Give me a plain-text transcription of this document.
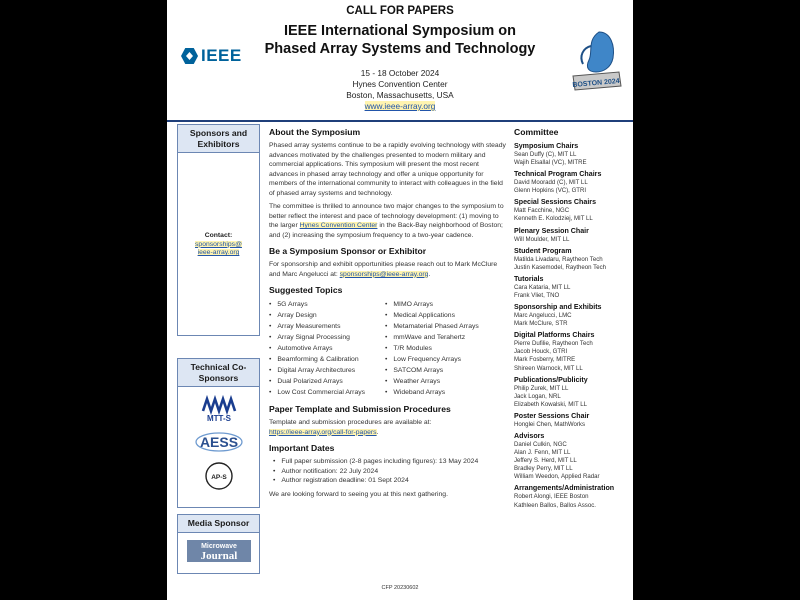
CALL FOR PAPERS
IEEE
IEEE International Symposium on
Phased Array Systems and Technology
15 - 18 October 2024
Hynes Convention Center
Boston, Massachusetts, USA
www.ieee-array.org
BOSTON 2024
Sponsors and Exhibitors
Contact:
sponsorships@
ieee-array.org
Technical Co-Sponsors
MTT-S
AESS
AP-S
Media Sponsor
Microwave
Journal
About the Symposium

Phased array systems continue to be a rapidly evolving technology with steady advances motivated by the challenges presented to modern military and commercial applications. This symposium will present the most recent advances in phased array technology and offer a unique opportunity for members of the international community to interact with colleagues in the field of phased array systems and technology.

The committee is thrilled to announce two major changes to the symposium to better reflect the interest and pace of technology development: (1) moving to the larger Hynes Convention Center in the Back-Bay neighborhood of Boston; and (2) increasing the symposium frequency to a two-year cadence.

Be a Symposium Sponsor or Exhibitor

For sponsorship and exhibit opportunities please reach out to Mark McClure and Marc Angelucci at: sponsorships@ieee-array.org.

Suggested Topics
• 5G Arrays
• Array Design
• Array Measurements
• Array Signal Processing
• Automotive Arrays
• Beamforming & Calibration
• Digital Array Architectures
• Dual Polarized Arrays
• Low Cost Commercial Arrays
• MIMO Arrays
• Medical Applications
• Metamaterial Phased Arrays
• mmWave and Terahertz
• T/R Modules
• Low Frequency Arrays
• SATCOM Arrays
• Weather Arrays
• Wideband Arrays
Paper Template and Submission Procedures

Template and submission procedures are available at:
https://ieee-array.org/call-for-papers.

Important Dates
• Full paper submission (2-8 pages including figures): 13 May 2024
• Author notification: 22 July 2024
• Author registration deadline: 01 Sept 2024

We are looking forward to seeing you at this next gathering.

Committee
Symposium Chairs
Sean Duffy (C), MIT LL
Wajih Elsallal (VC), MITRE
Technical Program Chairs
David Mooradd (C), MIT LL
Glenn Hopkins (VC), GTRI
Special Sessions Chairs
Matt Facchine, NGC
Kenneth E. Kolodziej, MIT LL
Plenary Session Chair
Will Moulder, MIT LL
Student Program
Matilda Livadaru, Raytheon Tech
Justin Kasemodel, Raytheon Tech
Tutorials
Cara Kataria, MIT LL
Frank Vliet, TNO
Sponsorship and Exhibits
Marc Angelucci, LMC
Mark McClure, STR
Digital Platforms Chairs
Pierre Dufilie, Raytheon Tech
Jacob Houck, GTRI
Mark Fosberry, MITRE
Shireen Warnock, MIT LL
Publications/Publicity
Philip Zurek, MIT LL
Jack Logan, NRL
Elizabeth Kowalski, MIT LL
Poster Sessions Chair
Honglei Chen, MathWorks
Advisors
Daniel Culkin, NGC
Alan J. Fenn, MIT LL
Jeffery S. Herd, MIT LL
Bradley Perry, MIT LL
William Weedon, Applied Radar
Arrangements/Administration
Robert Alongi, IEEE Boston
Kathleen Ballos, Ballos Assoc.
CFP 20230602
